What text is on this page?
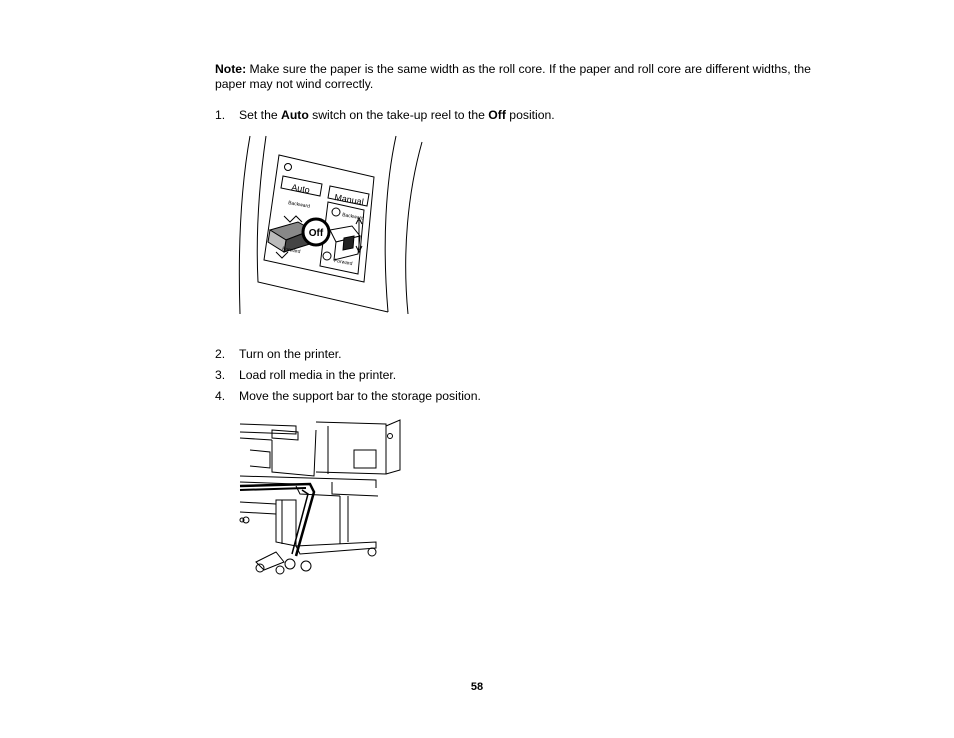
Note: Make sure the paper is the same width as the roll core. If the paper and roll core are different widths, the paper may not wind correctly.

1. Set the Auto switch on the take-up reel to the Off position.
Off
Auto
Manual
Backward
Forward
Backward
Forward
2. Turn on the printer.
3. Load roll media in the printer.
4. Move the support bar to the storage position.
58
